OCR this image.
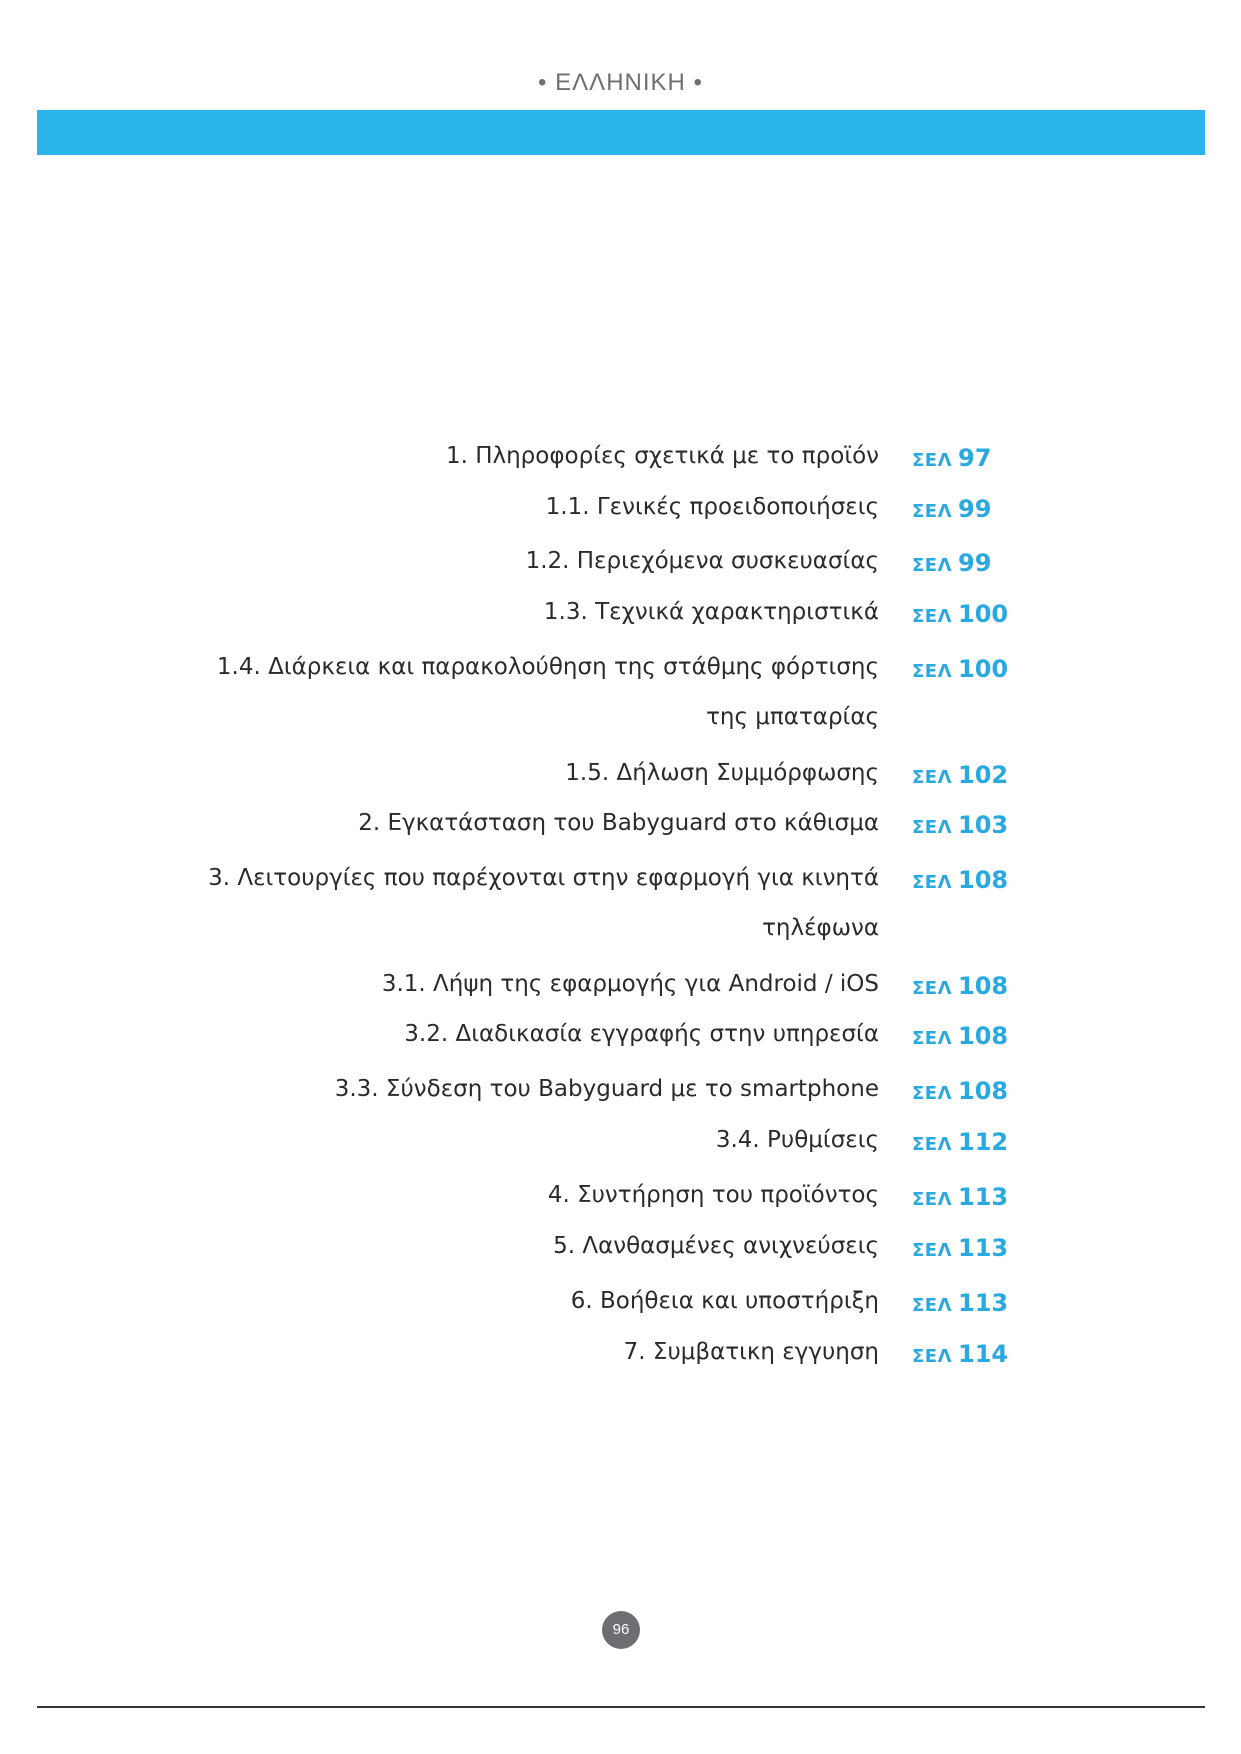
• ΕΛΛΗΝΙΚΗ •
1. Πληροφορίες σχετικά με το προϊόν ΣΕΛ 97
1.1. Γενικές προειδοποιήσεις ΣΕΛ 99
1.2. Περιεχόμενα συσκευασίας ΣΕΛ 99
1.3. Τεχνικά χαρακτηριστικά ΣΕΛ 100
1.4. Διάρκεια και παρακολούθηση της στάθμης φόρτισης
της μπαταρίας
ΣΕΛ 100
1.5. Δήλωση Συμμόρφωσης ΣΕΛ 102
2. Εγκατάσταση του Babyguard στο κάθισμα ΣΕΛ 103
3. Λειτουργίες που παρέχονται στην εφαρμογή για κινητά
τηλέφωνα
ΣΕΛ 108
3.1. Λήψη της εφαρμογής για Android / iOS ΣΕΛ 108
3.2. Διαδικασία εγγραφής στην υπηρεσία ΣΕΛ 108
3.3. Σύνδεση του Babyguard με το smartphone ΣΕΛ 108
3.4. Ρυθμίσεις ΣΕΛ 112
4. Συντήρηση του προϊόντος ΣΕΛ 113
5. Λανθασμένες ανιχνεύσεις ΣΕΛ 113
6. Βοήθεια και υποστήριξη ΣΕΛ 113
7. Συμβατικη εγγυηση ΣΕΛ 114
96
